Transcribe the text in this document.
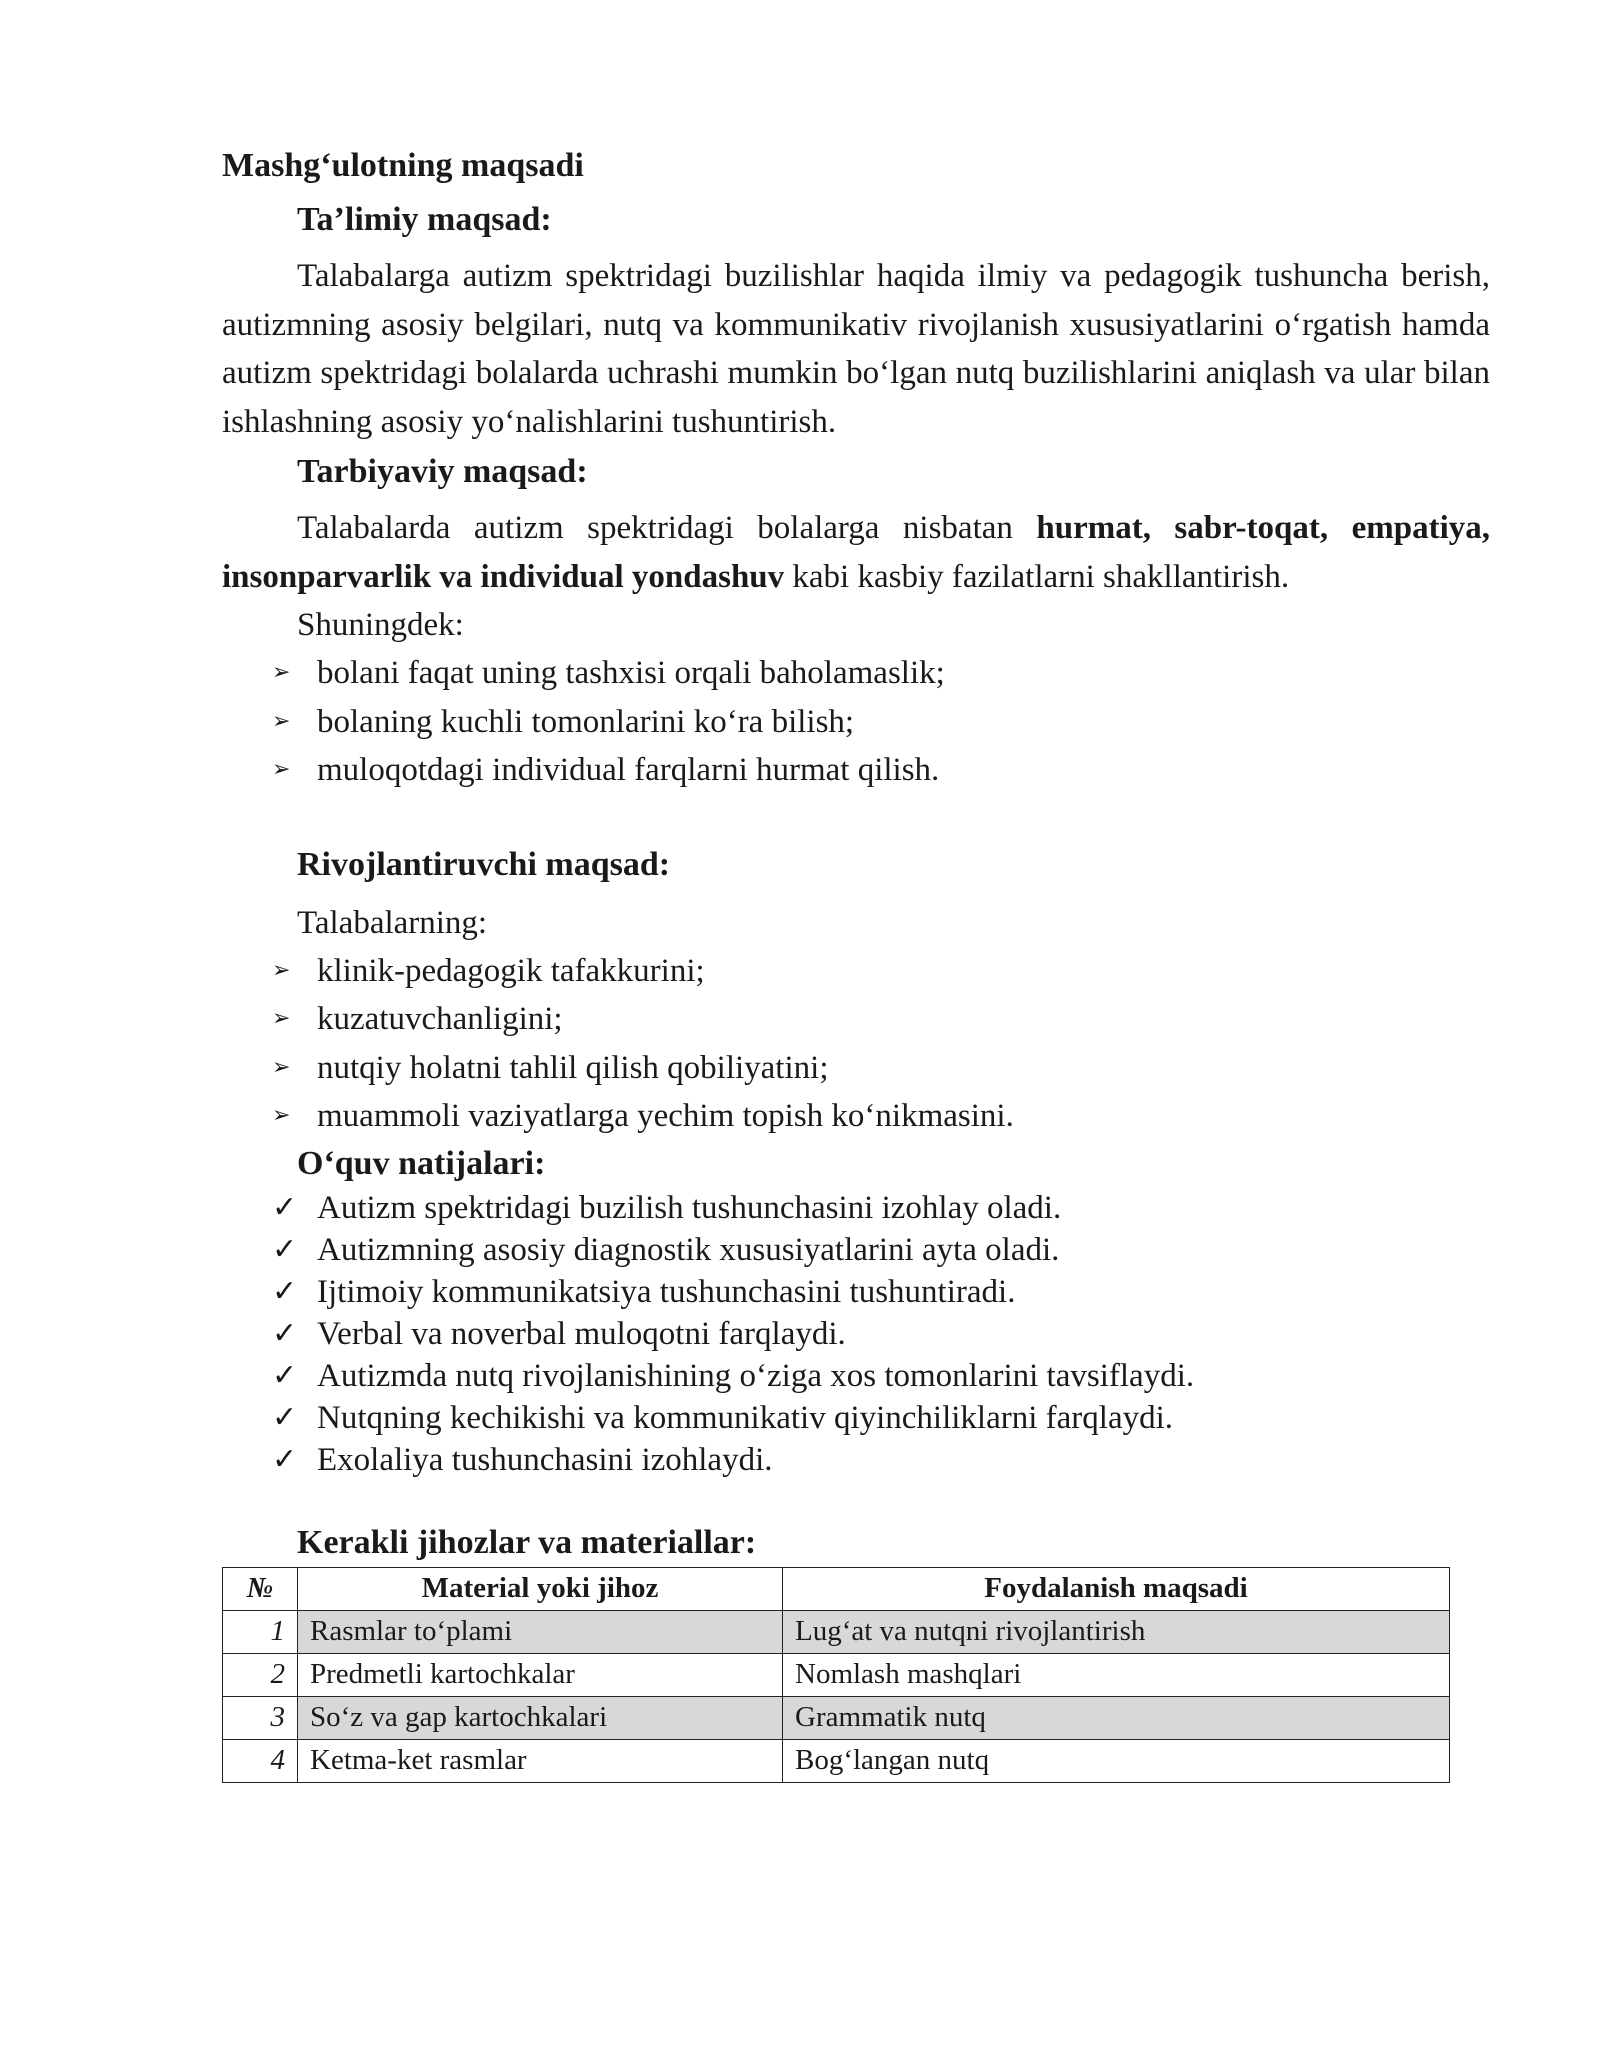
Mashg‘ulotning maqsadi

Ta’limiy maqsad:

Talabalarga autizm spektridagi buzilishlar haqida ilmiy va pedagogik tushuncha berish, autizmning asosiy belgilari, nutq va kommunikativ rivojlanish xususiyatlarini o‘rgatish hamda autizm spektridagi bolalarda uchrashi mumkin bo‘lgan nutq buzilishlarini aniqlash va ular bilan ishlashning asosiy yo‘nalishlarini tushuntirish.

Tarbiyaviy maqsad:

Talabalarda autizm spektridagi bolalarga nisbatan hurmat, sabr-toqat, empatiya, insonparvarlik va individual yondashuv kabi kasbiy fazilatlarni shakllantirish.

Shuningdek:

➢ bolani faqat uning tashxisi orqali baholamaslik;
➢ bolaning kuchli tomonlarini ko‘ra bilish;
➢ muloqotdagi individual farqlarni hurmat qilish.

Rivojlantiruvchi maqsad:

Talabalarning:

➢ klinik-pedagogik tafakkurini;
➢ kuzatuvchanligini;
➢ nutqiy holatni tahlil qilish qobiliyatini;
➢ muammoli vaziyatlarga yechim topish ko‘nikmasini.

O‘quv natijalari:

✓ Autizm spektridagi buzilish tushunchasini izohlay oladi.
✓ Autizmning asosiy diagnostik xususiyatlarini ayta oladi.
✓ Ijtimoiy kommunikatsiya tushunchasini tushuntiradi.
✓ Verbal va noverbal muloqotni farqlaydi.
✓ Autizmda nutq rivojlanishining o‘ziga xos tomonlarini tavsiflaydi.
✓ Nutqning kechikishi va kommunikativ qiyinchiliklarni farqlaydi.
✓ Exolaliya tushunchasini izohlaydi.

Kerakli jihozlar va materiallar:

№	Material yoki jihoz	Foydalanish maqsadi
1	Rasmlar to‘plami	Lug‘at va nutqni rivojlantirish
2	Predmetli kartochkalar	Nomlash mashqlari
3	So‘z va gap kartochkalari	Grammatik nutq
4	Ketma-ket rasmlar	Bog‘langan nutq
